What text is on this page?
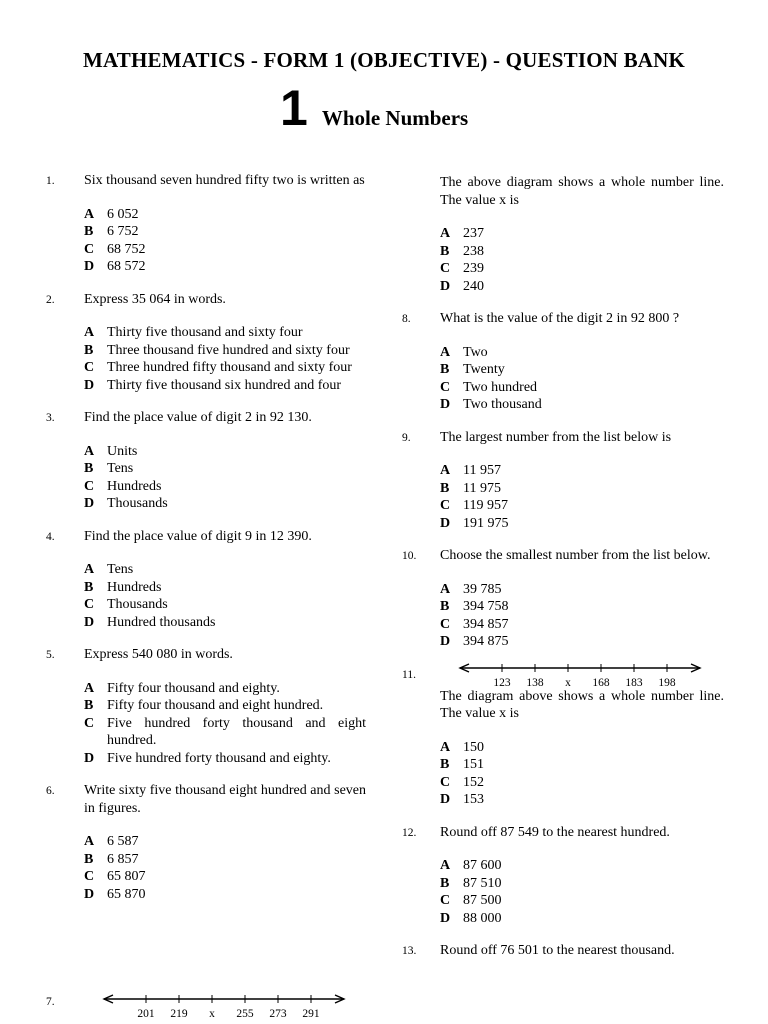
MATHEMATICS - FORM 1 (OBJECTIVE) - QUESTION BANK
1 Whole Numbers
1.	Six thousand seven hundred fifty two is written as
A 6 052
B 6 752
C 68 752
D 68 572
2.	Express 35 064 in words.
A Thirty five thousand and sixty four
B Three thousand five hundred and sixty four
C Three hundred fifty thousand and sixty four
D Thirty five thousand six hundred and four
3.	Find the place value of digit 2 in 92 130.
A Units
B Tens
C Hundreds
D Thousands
4.	Find the place value of digit 9 in 12 390.
A Tens
B Hundreds
C Thousands
D Hundred thousands
5.	Express 540 080 in words.
A Fifty four thousand and eighty.
B Fifty four thousand and eight hundred.
C Five hundred forty thousand and eight hundred.
D Five hundred forty thousand and eighty.
6.	Write sixty five thousand eight hundred and seven in figures.
A 6 587
B 6 857
C 65 807
D 65 870
7.
201 219 x 255 273 291
The above diagram shows a whole number line. The value x is
A 237
B 238
C 239
D 240
8.	What is the value of the digit 2 in 92 800 ?
A Two
B Twenty
C Two hundred
D Two thousand
9.	The largest number from the list below is
A 11 957
B 11 975
C 119 957
D 191 975
10.	Choose the smallest number from the list below.
A 39 785
B 394 758
C 394 857
D 394 875
11.
123 138 x 168 183 198
The diagram above shows a whole number line. The value x is
A 150
B 151
C 152
D 153
12.	Round off 87 549 to the nearest hundred.
A 87 600
B 87 510
C 87 500
D 88 000
13.	Round off 76 501 to the nearest thousand.
